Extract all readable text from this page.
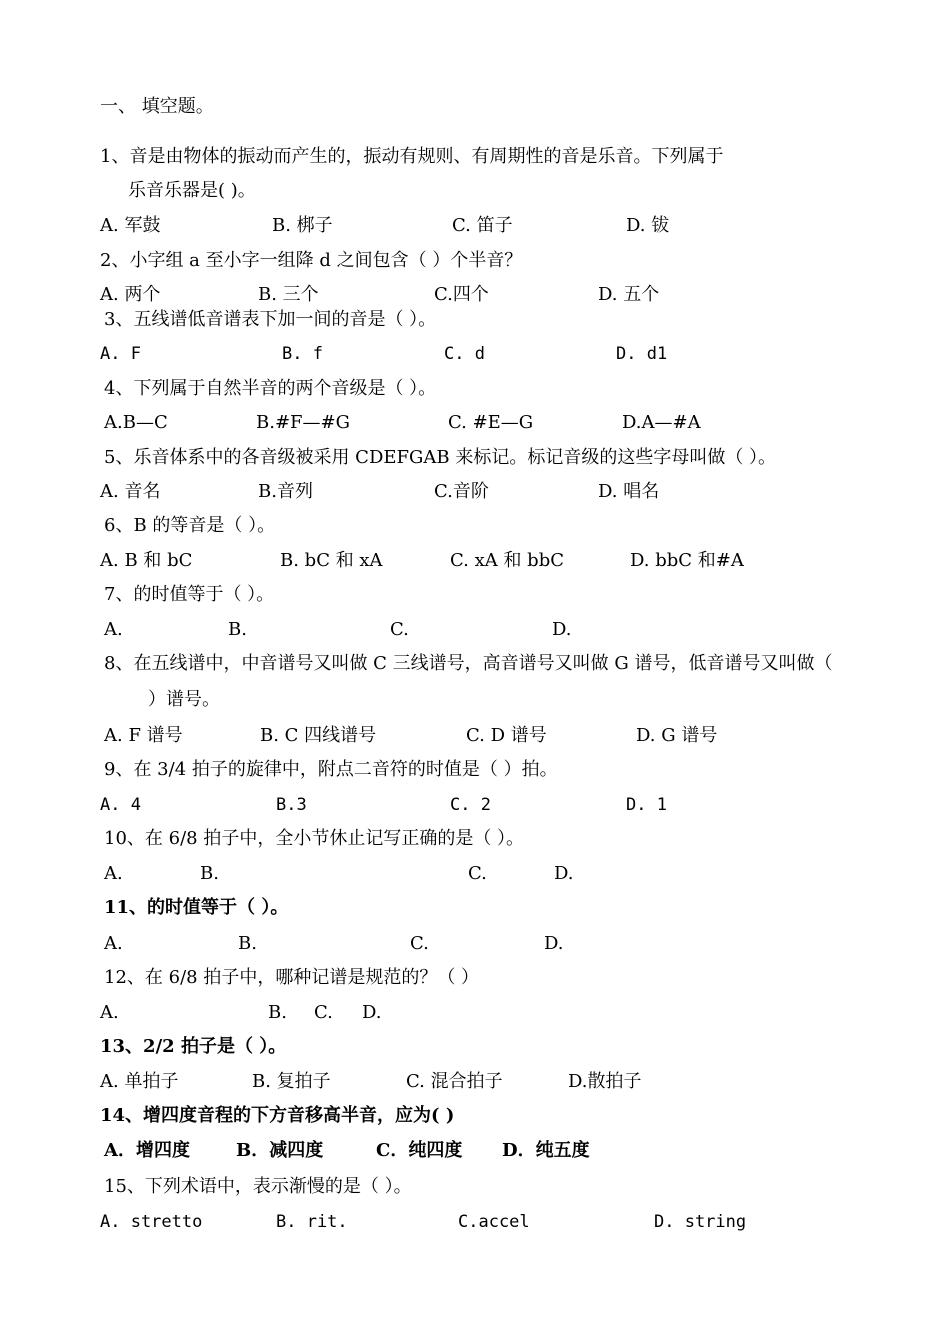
一、 填空题。
1、音是由物体的振动而产生的，振动有规则、有周期性的音是乐音。下列属于
乐音乐器是( )。
A. 军鼓	B. 梆子	C. 笛子	D. 钹
2、小字组 a 至小字一组降 d 之间包含（ ）个半音？
A. 两个	B. 三个	C.四个	D. 五个
3、五线谱低音谱表下加一间的音是（ ）。
A. F	B. f	C. d	D. d1
4、下列属于自然半音的两个音级是（ ）。
A.B—C	B.#F—#G	C. #E—G	D.A—#A
5、乐音体系中的各音级被采用 CDEFGAB 来标记。标记音级的这些字母叫做（ ）。
A. 音名	B.音列	C.音阶	D. 唱名
6、B 的等音是（ ）。
A. B 和 bC	B. bC 和 xA	C. xA 和 bbC	D. bbC 和#A
7、的时值等于（ ）。
A.	B.	C.	D.
8、在五线谱中，中音谱号又叫做 C 三线谱号，高音谱号又叫做 G 谱号，低音谱号又叫做（
）谱号。
A. F 谱号	B. C 四线谱号	C. D 谱号	D. G 谱号
9、在 3/4 拍子的旋律中，附点二音符的时值是（ ）拍。
A. 4	B.3	C. 2	D. 1
10、在 6/8 拍子中，全小节休止记写正确的是（ ）。
A.	B.	C.	D.
11、的时值等于（ ）。
A.	B.	C.	D.
12、在 6/8 拍子中，哪种记谱是规范的？（ ）
A.	B. C. D.
13、2/2 拍子是（ ）。
A. 单拍子	B. 复拍子	C. 混合拍子	D.散拍子
14、增四度音程的下方音移高半音，应为( )
A．增四度	B．减四度	C．纯四度 D．纯五度
15、下列术语中，表示渐慢的是（ ）。
A. stretto	B. rit.	C.accel	D. string
